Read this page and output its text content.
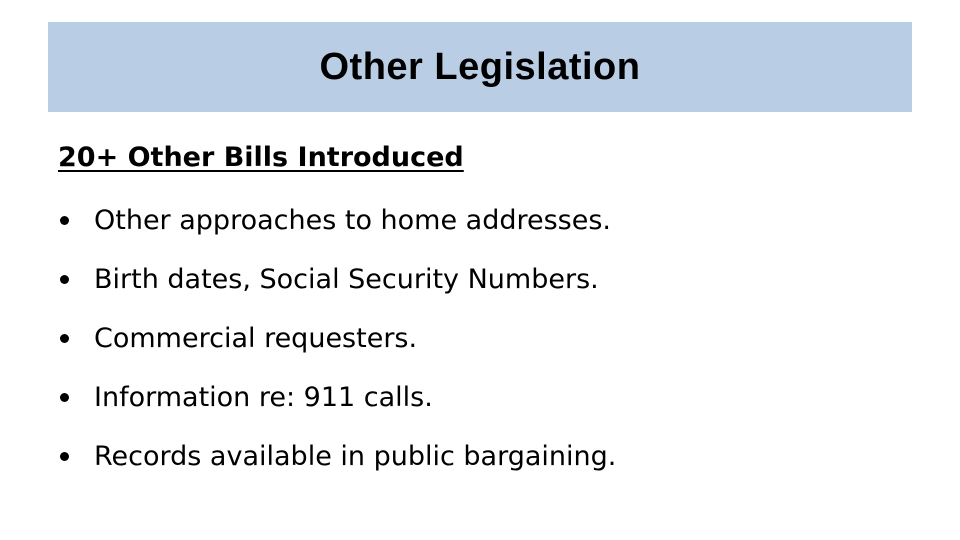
Other Legislation
20+ Other Bills Introduced
Other approaches to home addresses.
Birth dates, Social Security Numbers.
Commercial requesters.
Information re: 911 calls.
Records available in public bargaining.
